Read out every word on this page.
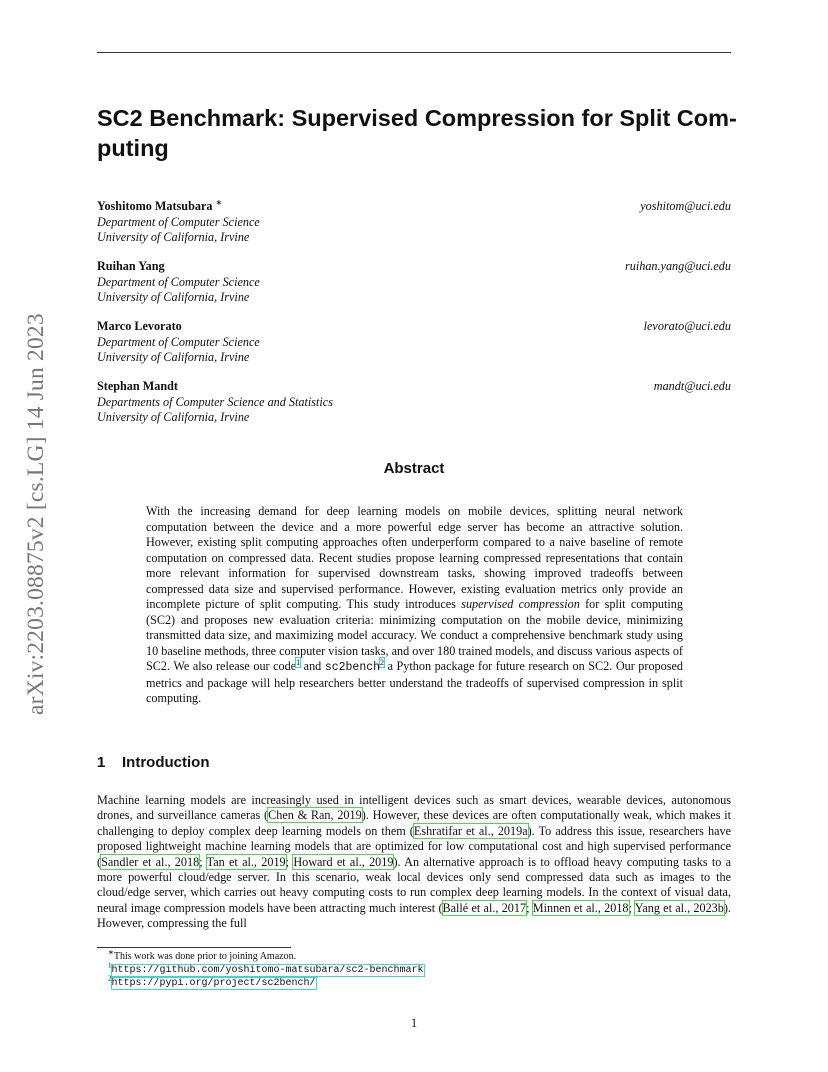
arXiv:2203.08875v2 [cs.LG] 14 Jun 2023
SC2 Benchmark: Supervised Compression for Split Com-
puting
Yoshitomo Matsubara ∗	yoshitom@uci.edu
Department of Computer Science
University of California, Irvine
Ruihan Yang	ruihan.yang@uci.edu
Department of Computer Science
University of California, Irvine
Marco Levorato	levorato@uci.edu
Department of Computer Science
University of California, Irvine
Stephan Mandt	mandt@uci.edu
Departments of Computer Science and Statistics
University of California, Irvine
Abstract
With the increasing demand for deep learning models on mobile devices, splitting neural network computation between the device and a more powerful edge server has become an attractive solution. However, existing split computing approaches often underperform compared to a naive baseline of remote computation on compressed data. Recent studies propose learning compressed representations that contain more relevant information for supervised downstream tasks, showing improved tradeoffs between compressed data size and supervised performance. However, existing evaluation metrics only provide an incomplete picture of split computing. This study introduces supervised compression for split computing (SC2) and proposes new evaluation criteria: minimizing computation on the mobile device, minimizing transmitted data size, and maximizing model accuracy. We conduct a comprehensive benchmark study using 10 baseline methods, three computer vision tasks, and over 180 trained models, and discuss various aspects of SC2. We also release our code$^1$ and sc2bench$^2$ a Python package for future research on SC2. Our proposed metrics and package will help researchers better understand the tradeoffs of supervised compression in split computing.
1 Introduction
Machine learning models are increasingly used in intelligent devices such as smart devices, wearable devices, autonomous drones, and surveillance cameras (Chen & Ran, 2019). However, these devices are often computationally weak, which makes it challenging to deploy complex deep learning models on them (Eshratifar et al., 2019a). To address this issue, researchers have proposed lightweight machine learning models that are optimized for low computational cost and high supervised performance (Sandler et al., 2018; Tan et al., 2019; Howard et al., 2019). An alternative approach is to offload heavy computing tasks to a more powerful cloud/edge server. In this scenario, weak local devices only send compressed data such as images to the cloud/edge server, which carries out heavy computing costs to run complex deep learning models. In the context of visual data, neural image compression models have been attracting much interest (Ballé et al., 2017; Minnen et al., 2018; Yang et al., 2023b). However, compressing the full
∗This work was done prior to joining Amazon.
$^1$https://github.com/yoshitomo-matsubara/sc2-benchmark
$^2$https://pypi.org/project/sc2bench/
1
